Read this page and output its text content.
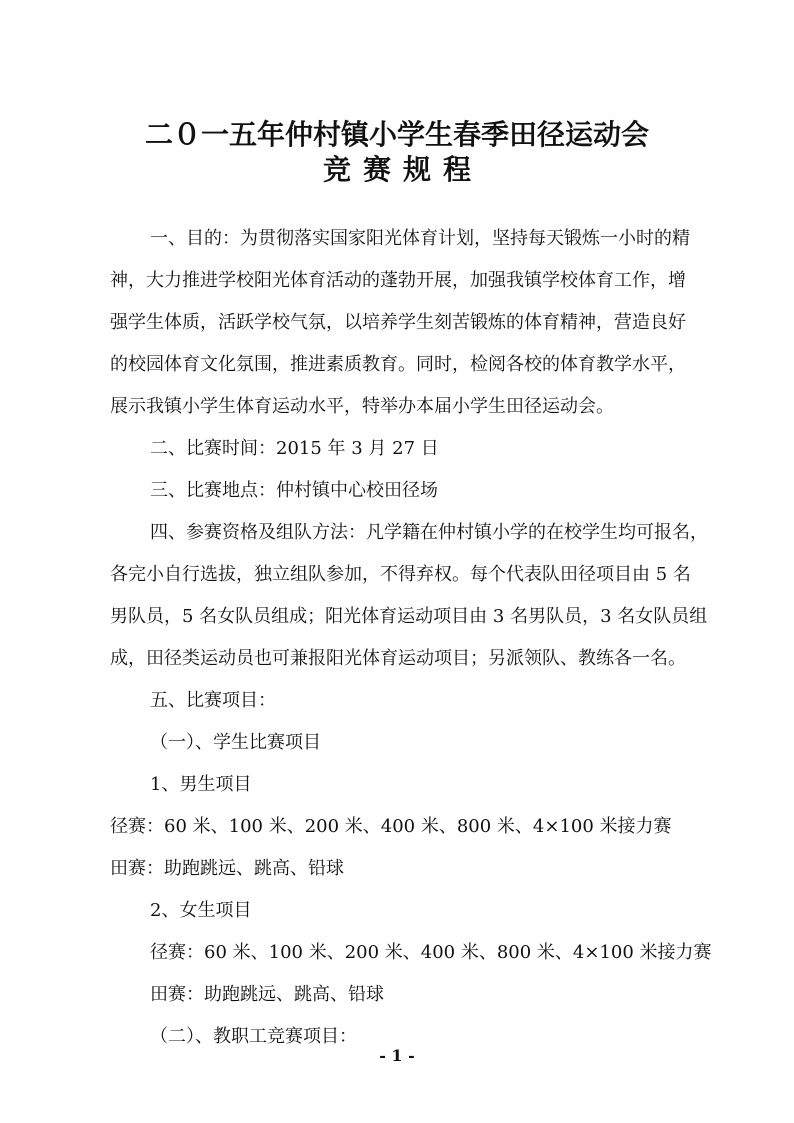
二０一五年仲村镇小学生春季田径运动会
竞赛规程
一、目的：为贯彻落实国家阳光体育计划，坚持每天锻炼一小时的精
神，大力推进学校阳光体育活动的蓬勃开展，加强我镇学校体育工作，增
强学生体质，活跃学校气氛，以培养学生刻苦锻炼的体育精神，营造良好
的校园体育文化氛围，推进素质教育。同时，检阅各校的体育教学水平，
展示我镇小学生体育运动水平，特举办本届小学生田径运动会。
二、比赛时间：2015 年 3 月 27 日
三、比赛地点：仲村镇中心校田径场
四、参赛资格及组队方法：凡学籍在仲村镇小学的在校学生均可报名，
各完小自行选拔，独立组队参加，不得弃权。每个代表队田径项目由 5 名
男队员，5 名女队员组成；阳光体育运动项目由 3 名男队员，3 名女队员组
成，田径类运动员也可兼报阳光体育运动项目；另派领队、教练各一名。
五、比赛项目：
（一）、学生比赛项目
1、男生项目
径赛：60 米、100 米、200 米、400 米、800 米、4×100 米接力赛
田赛：助跑跳远、跳高、铅球
2、女生项目
径赛：60 米、100 米、200 米、400 米、800 米、4×100 米接力赛
田赛：助跑跳远、跳高、铅球
（二）、教职工竞赛项目：
- 1 -
